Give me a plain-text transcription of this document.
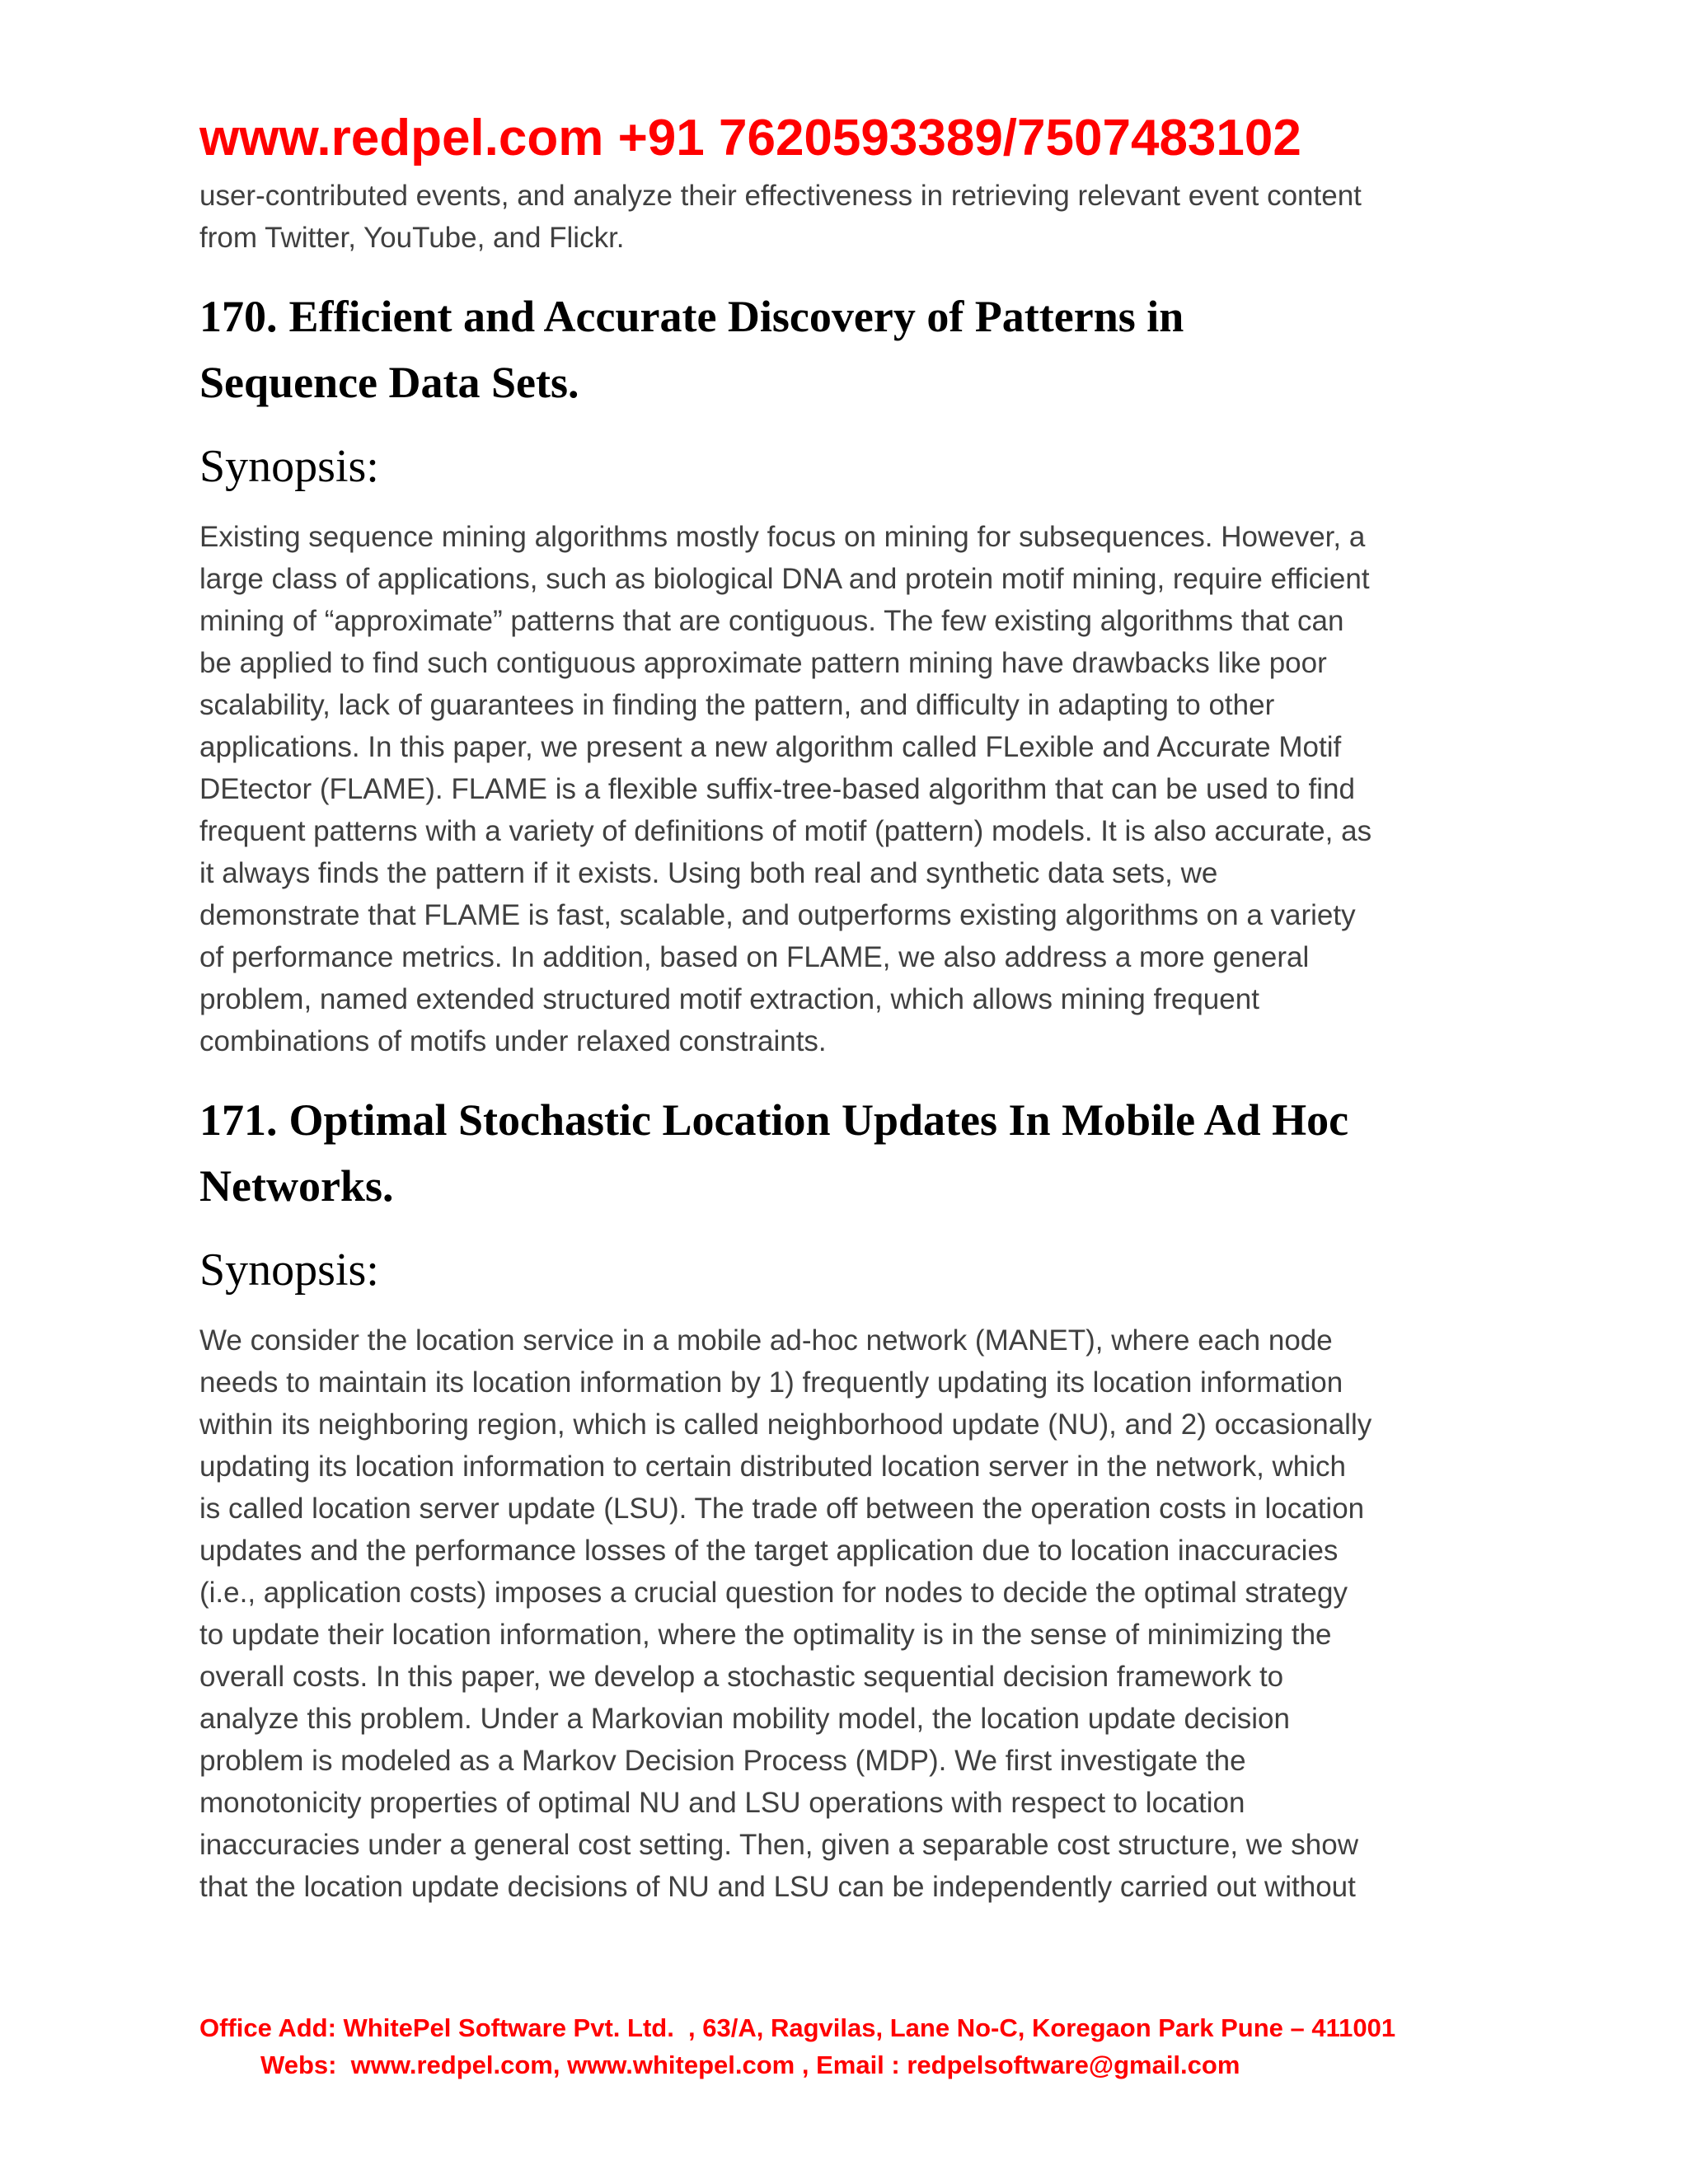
www.redpel.com +91 7620593389/7507483102
user-contributed events, and analyze their effectiveness in retrieving relevant event content
from Twitter, YouTube, and Flickr.
170. Efficient and Accurate Discovery of Patterns in
Sequence Data Sets.
Synopsis:
Existing sequence mining algorithms mostly focus on mining for subsequences. However, a
large class of applications, such as biological DNA and protein motif mining, require efficient
mining of “approximate” patterns that are contiguous. The few existing algorithms that can
be applied to find such contiguous approximate pattern mining have drawbacks like poor
scalability, lack of guarantees in finding the pattern, and difficulty in adapting to other
applications. In this paper, we present a new algorithm called FLexible and Accurate Motif
DEtector (FLAME). FLAME is a flexible suffix-tree-based algorithm that can be used to find
frequent patterns with a variety of definitions of motif (pattern) models. It is also accurate, as
it always finds the pattern if it exists. Using both real and synthetic data sets, we
demonstrate that FLAME is fast, scalable, and outperforms existing algorithms on a variety
of performance metrics. In addition, based on FLAME, we also address a more general
problem, named extended structured motif extraction, which allows mining frequent
combinations of motifs under relaxed constraints.
171. Optimal Stochastic Location Updates In Mobile Ad Hoc
Networks.
Synopsis:
We consider the location service in a mobile ad-hoc network (MANET), where each node
needs to maintain its location information by 1) frequently updating its location information
within its neighboring region, which is called neighborhood update (NU), and 2) occasionally
updating its location information to certain distributed location server in the network, which
is called location server update (LSU). The trade off between the operation costs in location
updates and the performance losses of the target application due to location inaccuracies
(i.e., application costs) imposes a crucial question for nodes to decide the optimal strategy
to update their location information, where the optimality is in the sense of minimizing the
overall costs. In this paper, we develop a stochastic sequential decision framework to
analyze this problem. Under a Markovian mobility model, the location update decision
problem is modeled as a Markov Decision Process (MDP). We first investigate the
monotonicity properties of optimal NU and LSU operations with respect to location
inaccuracies under a general cost setting. Then, given a separable cost structure, we show
that the location update decisions of NU and LSU can be independently carried out without
Office Add: WhitePel Software Pvt. Ltd.  , 63/A, Ragvilas, Lane No-C, Koregaon Park Pune – 411001
Webs:  www.redpel.com, www.whitepel.com , Email : redpelsoftware@gmail.com
